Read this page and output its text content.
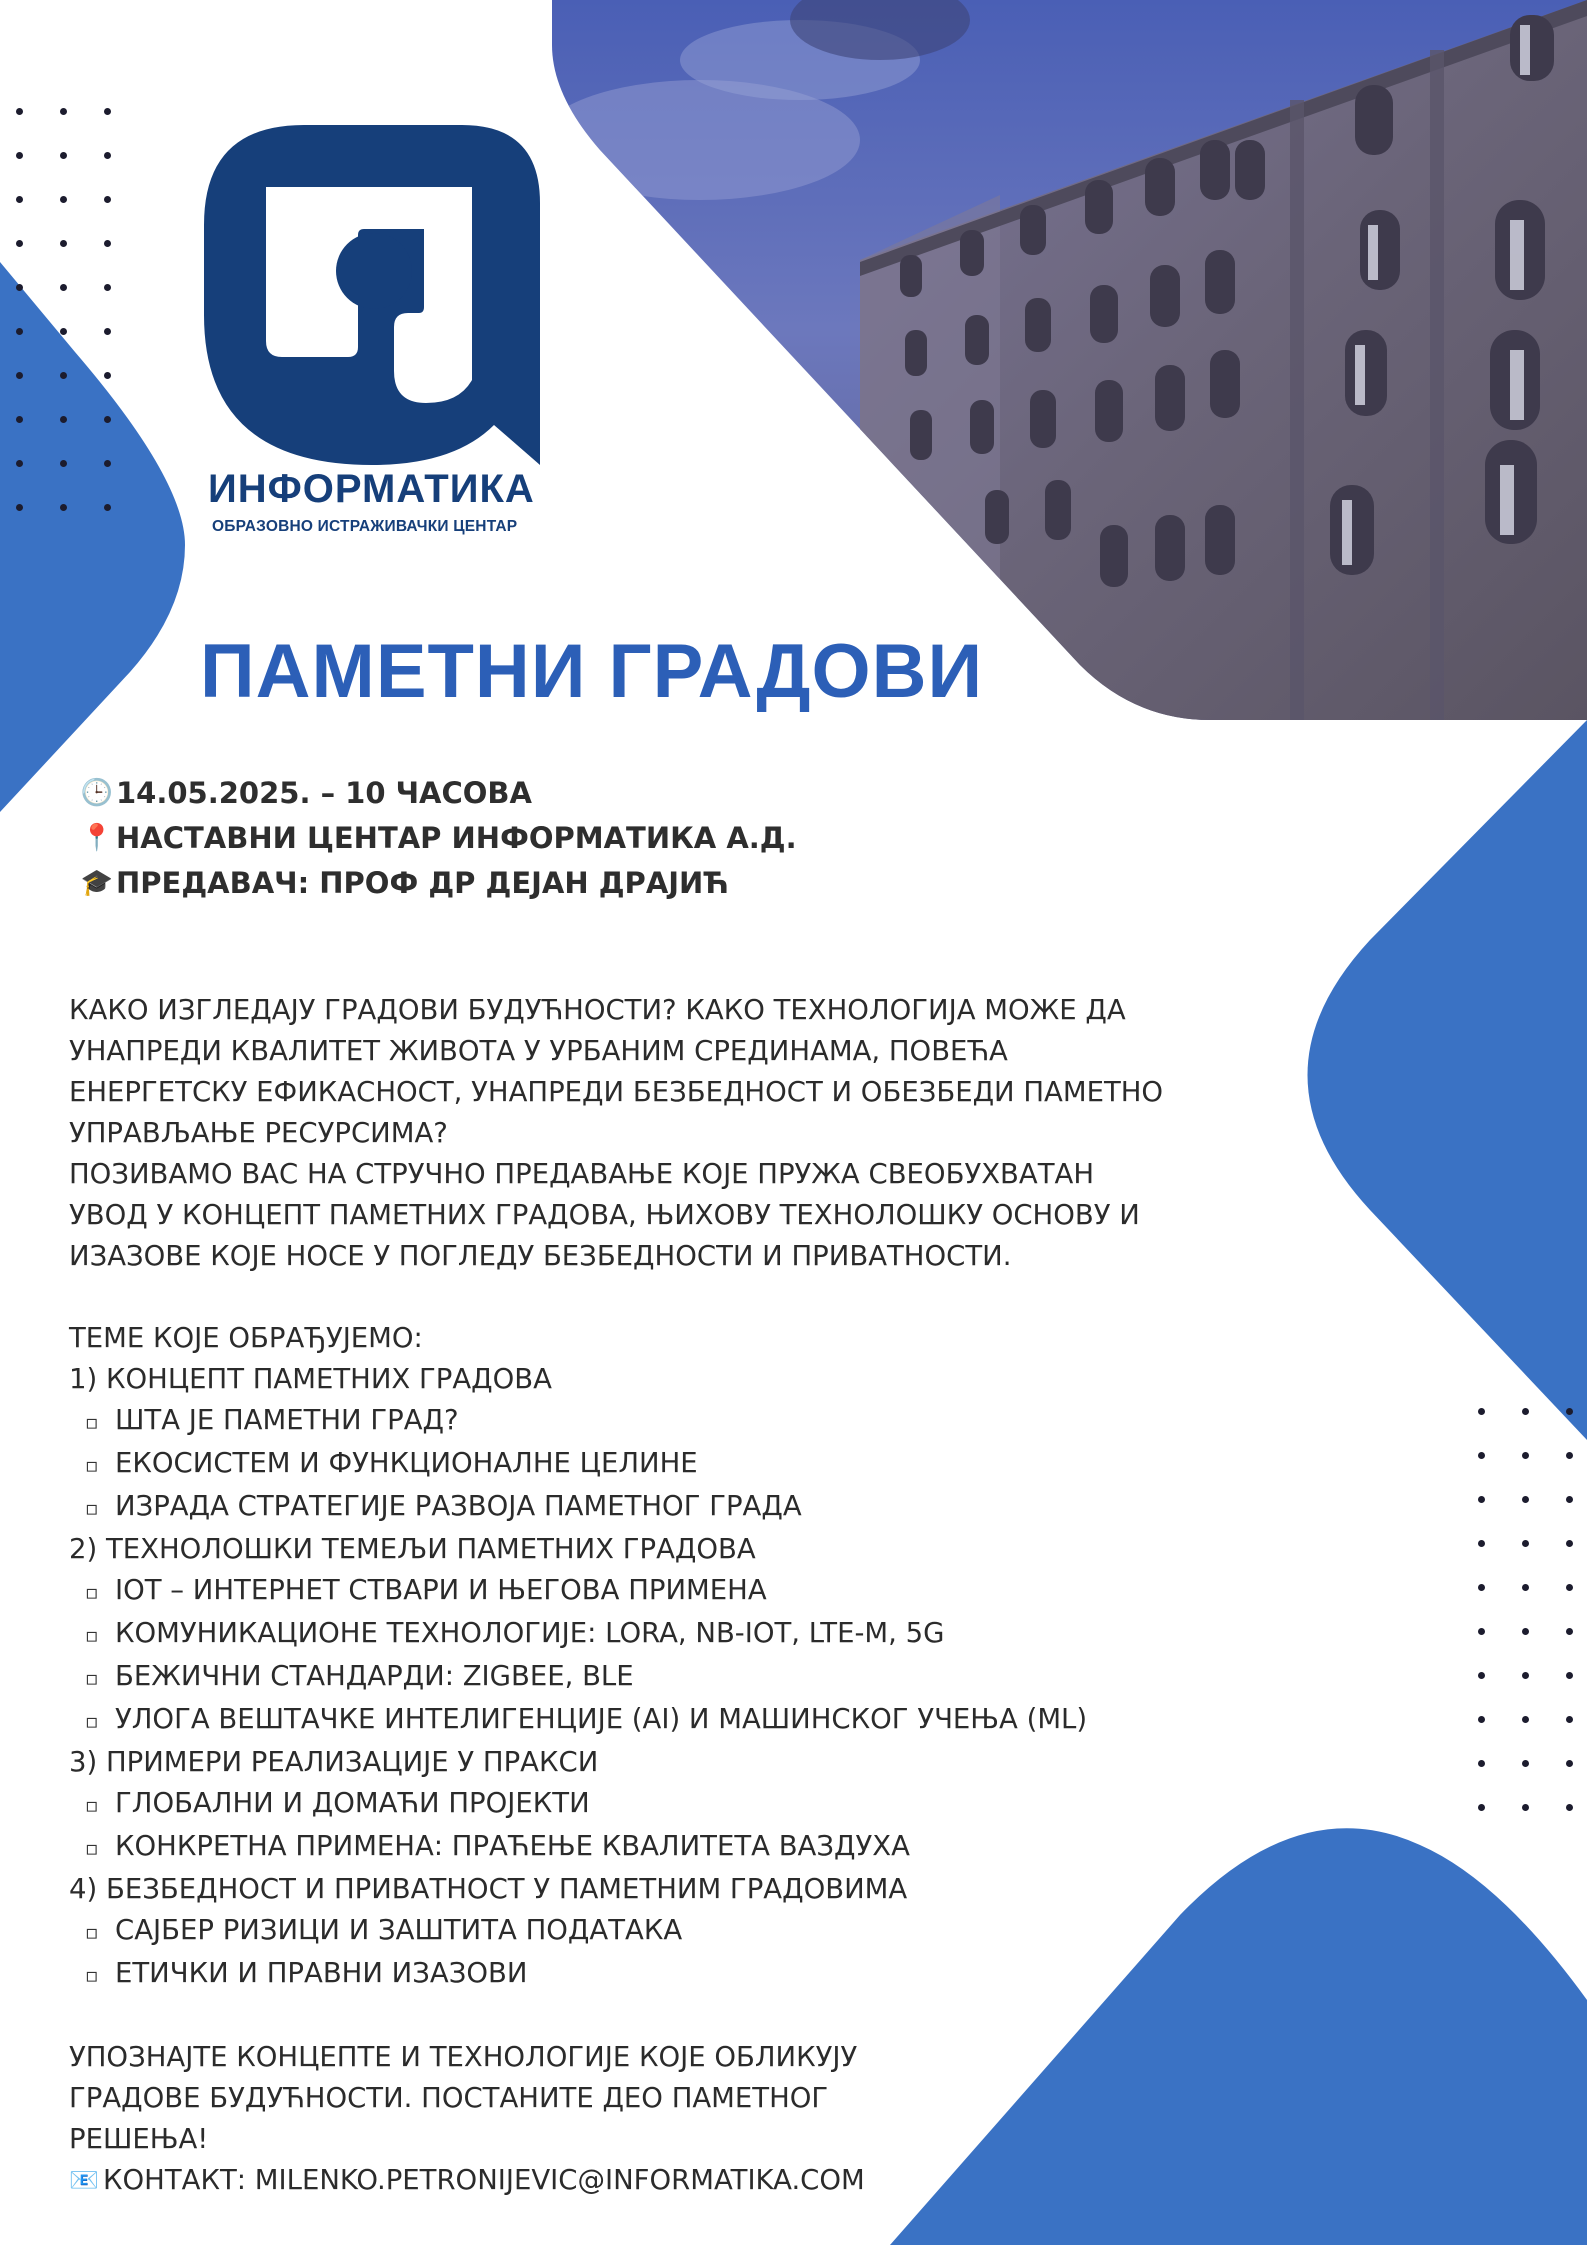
ИНФОРМАТИКА
ОБРАЗОВНО ИСТРАЖИВАЧКИ ЦЕНТАР
ПАМЕТНИ ГРАДОВИ
🕒 14.05.2025. – 10 ЧАСОВА
📍 НАСТАВНИ ЦЕНТАР ИНФОРМАТИКА А.Д.
🎓 ПРЕДАВАЧ: ПРОФ ДР ДЕЈАН ДРАЈИЋ

КАКО ИЗГЛЕДАЈУ ГРАДОВИ БУДУЋНОСТИ? КАКО ТЕХНОЛОГИЈА МОЖЕ ДА

УНАПРЕДИ КВАЛИТЕТ ЖИВОТА У УРБАНИМ СРЕДИНАМА, ПОВЕЋА

ЕНЕРГЕТСКУ ЕФИКАСНОСТ, УНАПРЕДИ БЕЗБЕДНОСТ И ОБЕЗБЕДИ ПАМЕТНО

УПРАВЉАЊЕ РЕСУРСИМА?

ПОЗИВАМО ВАС НА СТРУЧНО ПРЕДАВАЊЕ КОЈЕ ПРУЖА СВЕОБУХВАТАН

УВОД У КОНЦЕПТ ПАМЕТНИХ ГРАДОВА, ЊИХОВУ ТЕХНОЛОШКУ ОСНОВУ И

ИЗАЗОВЕ КОЈЕ НОСЕ У ПОГЛЕДУ БЕЗБЕДНОСТИ И ПРИВАТНОСТИ.

ТЕМЕ КОЈЕ ОБРАЂУЈЕМО:

1) КОНЦЕПТ ПАМЕТНИХ ГРАДОВА

▫ ШТА ЈЕ ПАМЕТНИ ГРАД?

▫ ЕКОСИСТЕМ И ФУНКЦИОНАЛНЕ ЦЕЛИНЕ

▫ ИЗРАДА СТРАТЕГИЈЕ РАЗВОЈА ПАМЕТНОГ ГРАДА

2) ТЕХНОЛОШКИ ТЕМЕЉИ ПАМЕТНИХ ГРАДОВА

▫ IOT – ИНТЕРНЕТ СТВАРИ И ЊЕГОВА ПРИМЕНА

▫ КОМУНИКАЦИОНЕ ТЕХНОЛОГИЈЕ: LORA, NB-IOT, LTE-M, 5G

▫ БЕЖИЧНИ СТАНДАРДИ: ZIGBEE, BLE

▫ УЛОГА ВЕШТАЧКЕ ИНТЕЛИГЕНЦИЈЕ (AI) И МАШИНСКОГ УЧЕЊА (ML)

3) ПРИМЕРИ РЕАЛИЗАЦИЈЕ У ПРАКСИ

▫ ГЛОБАЛНИ И ДОМАЋИ ПРОЈЕКТИ

▫ КОНКРЕТНА ПРИМЕНА: ПРАЋЕЊЕ КВАЛИТЕТА ВАЗДУХА

4) БЕЗБЕДНОСТ И ПРИВАТНОСТ У ПАМЕТНИМ ГРАДОВИМА

▫ САЈБЕР РИЗИЦИ И ЗАШТИТА ПОДАТАКА

▫ ЕТИЧКИ И ПРАВНИ ИЗАЗОВИ

УПОЗНАЈТЕ КОНЦЕПТЕ И ТЕХНОЛОГИЈЕ КОЈЕ ОБЛИКУЈУ

ГРАДОВЕ БУДУЋНОСТИ. ПОСТАНИТЕ ДЕО ПАМЕТНОГ

РЕШЕЊА!

📧 КОНТАКТ: MILENKO.PETRONIJEVIC@INFORMATIKA.COM
